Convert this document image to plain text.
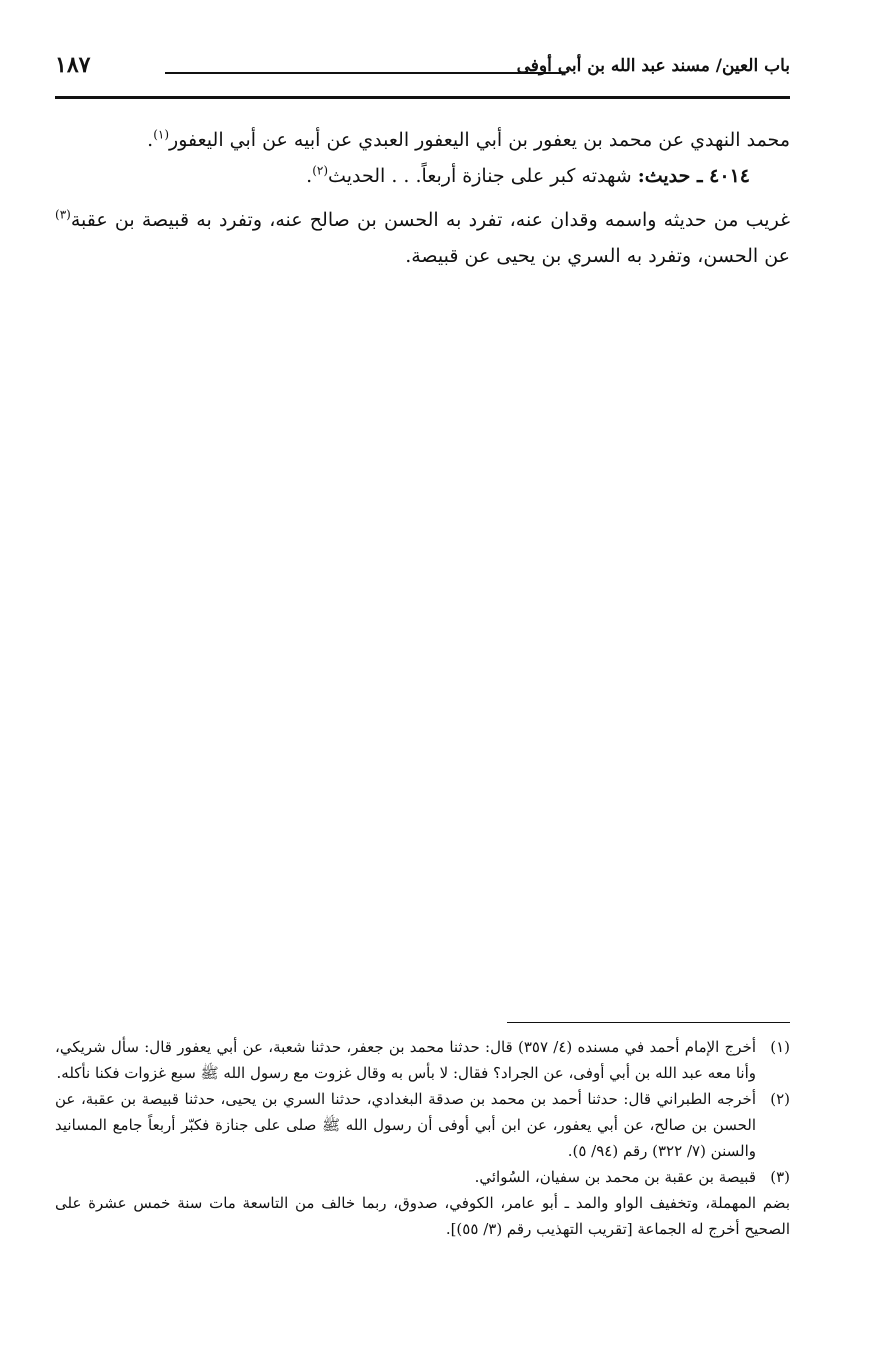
باب العين/ مسند عبد الله بن أبي أوفى
١٨٧

محمد النهدي عن محمد بن يعفور بن أبي اليعفور العبدي عن أبيه عن أبي اليعفور$^{(١)}$.

٤٠١٤ ـ حديث: شهدته كبر على جنازة أربعاً. . . الحديث$^{(٢)}$.

غريب من حديثه واسمه وقدان عنه، تفرد به الحسن بن صالح عنه، وتفرد به قبيصة بن عقبة$^{(٣)}$ عن الحسن، وتفرد به السري بن يحيى عن قبيصة.

(١)
أخرج الإمام أحمد في مسنده (٤/ ٣٥٧) قال: حدثنا محمد بن جعفر، حدثنا شعبة، عن أبي يعفور قال: سأل شريكي، وأنا معه عبد الله بن أبي أوفى، عن الجراد؟ فقال: لا بأس به وقال غزوت مع رسول الله ﷺ سبع غزوات فكنا نأكله.
(٢)
أخرجه الطبراني قال: حدثنا أحمد بن محمد بن صدقة البغدادي، حدثنا السري بن يحيى، حدثنا قبيصة بن عقبة، عن الحسن بن صالح، عن أبي يعفور، عن ابن أبي أوفى أن رسول الله ﷺ صلى على جنازة فكبّر أربعاً جامع المسانيد والسنن (٧/ ٣٢٢) رقم (٩٤/ ٥).
(٣)
قبيصة بن عقبة بن محمد بن سفيان، السُوائي.

بضم المهملة، وتخفيف الواو والمد ـ أبو عامر، الكوفي، صدوق، ربما خالف من التاسعة مات سنة خمس عشرة على الصحيح أخرج له الجماعة [تقريب التهذيب رقم (٣/ ٥٥)].
